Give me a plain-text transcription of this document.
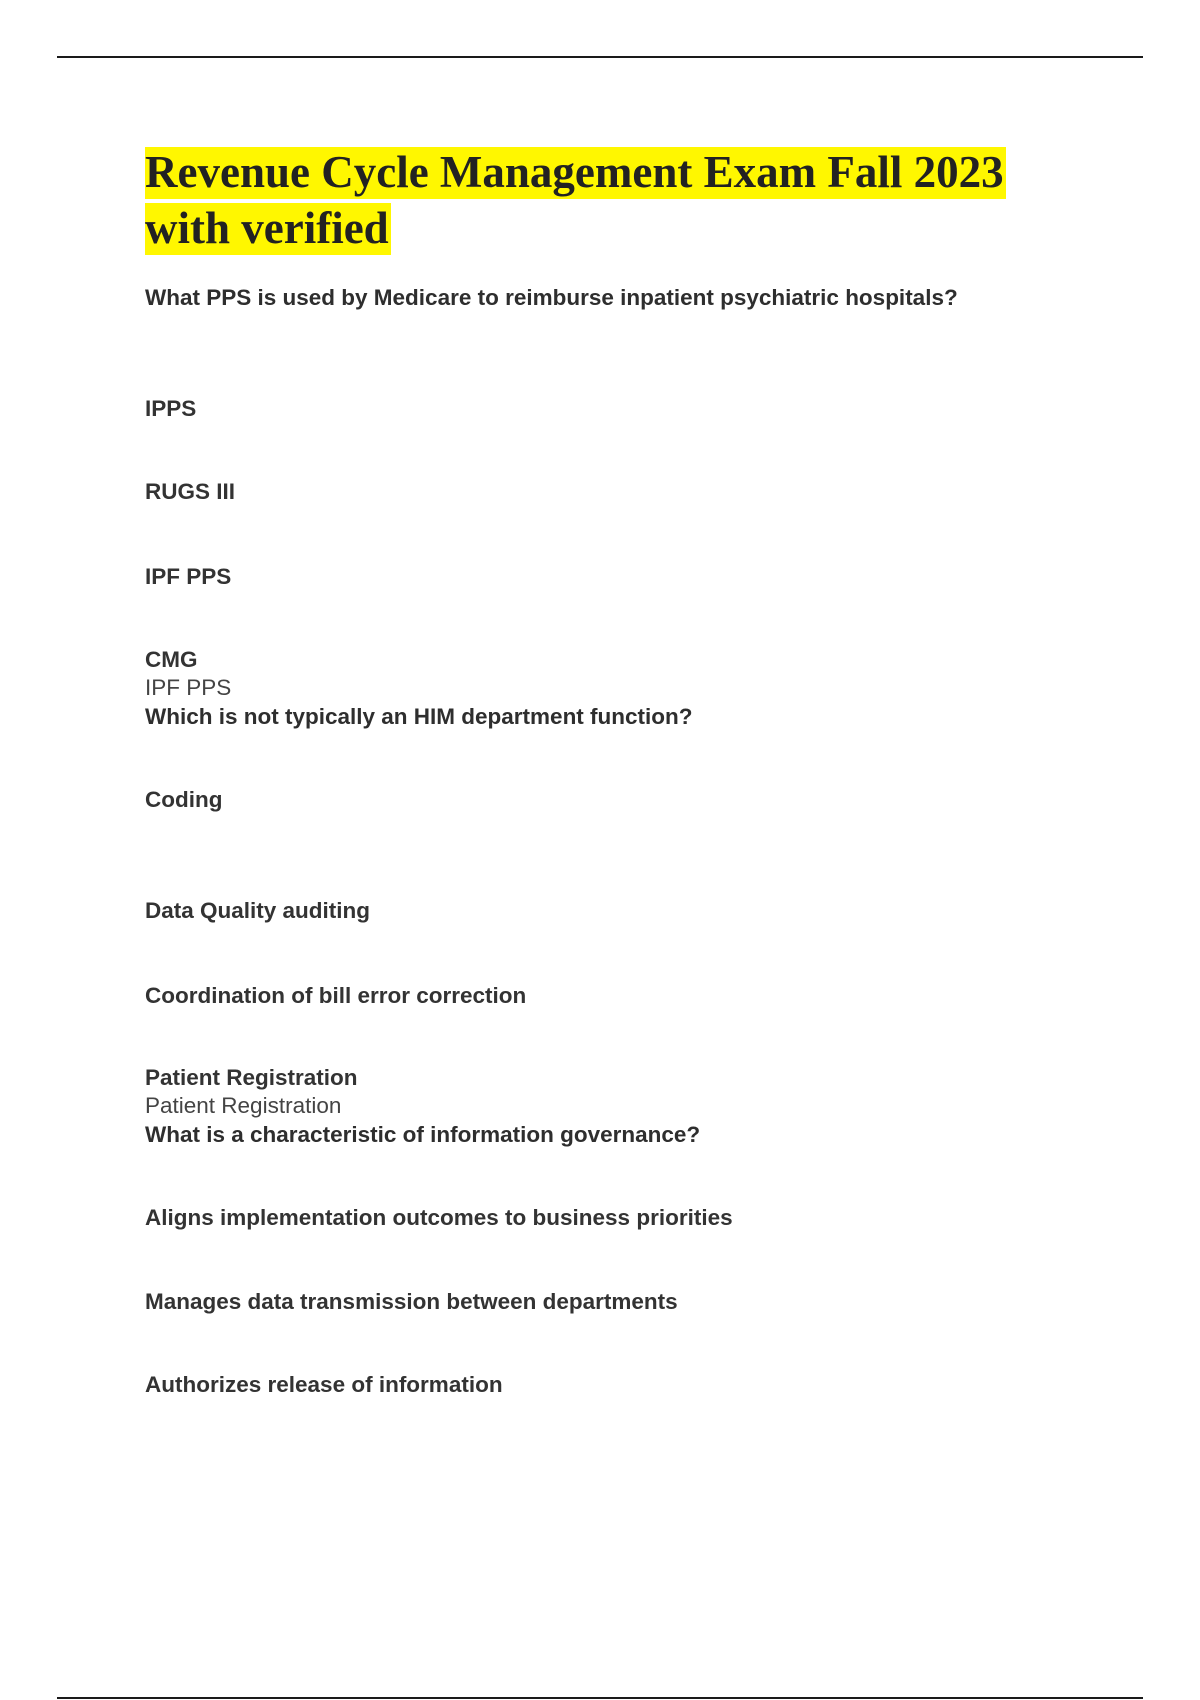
Revenue Cycle Management Exam Fall 2023 with verified

What PPS is used by Medicare to reimburse inpatient psychiatric hospitals?

IPPS

RUGS III

IPF PPS

CMG

IPF PPS

Which is not typically an HIM department function?

Coding

Data Quality auditing

Coordination of bill error correction

Patient Registration

Patient Registration

What is a characteristic of information governance?

Aligns implementation outcomes to business priorities

Manages data transmission between departments

Authorizes release of information
